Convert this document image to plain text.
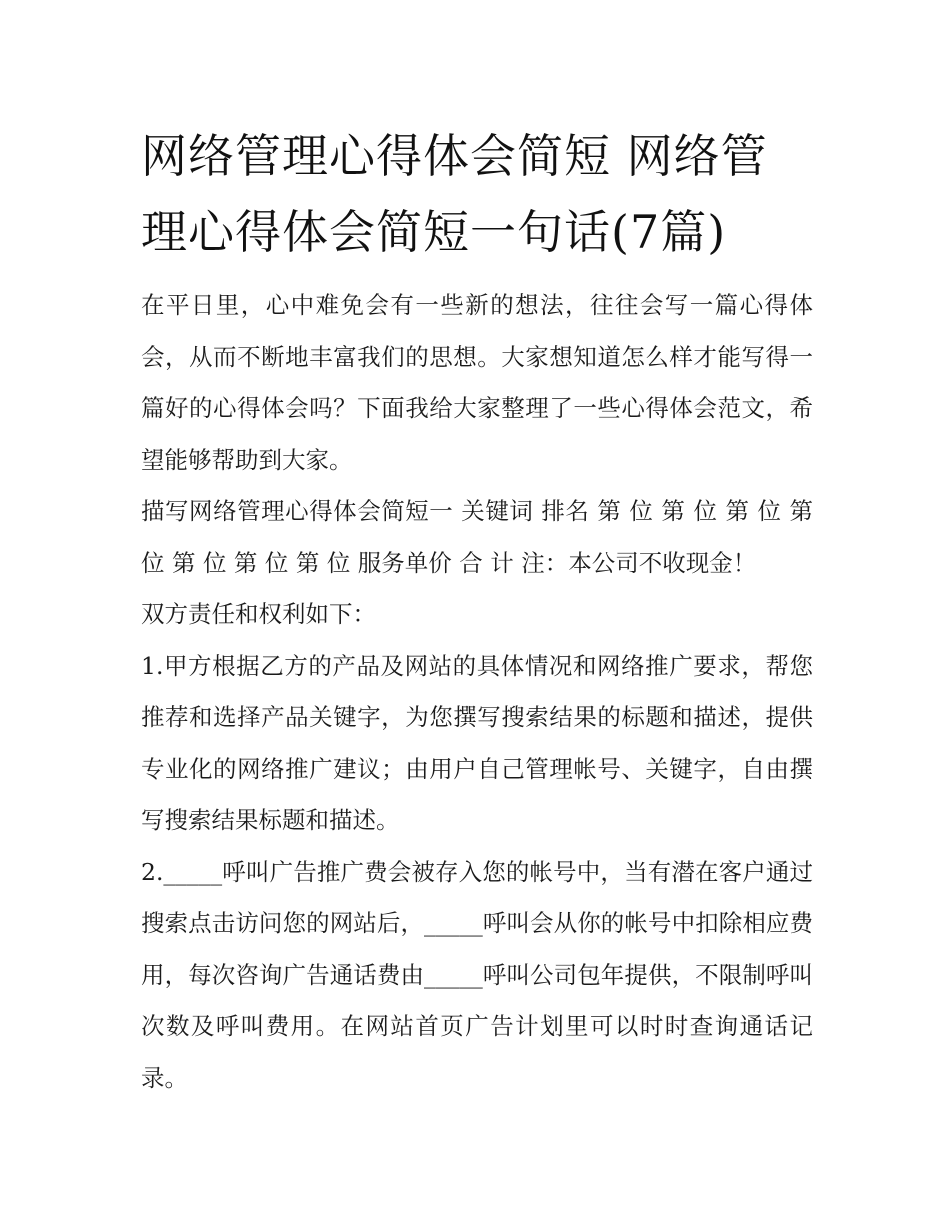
网络管理心得体会简短 网络管理心得体会简短一句话(7篇)

在平日里，心中难免会有一些新的想法，往往会写一篇心得体会，从而不断地丰富我们的思想。大家想知道怎么样才能写得一篇好的心得体会吗？下面我给大家整理了一些心得体会范文，希望能够帮助到大家。

描写网络管理心得体会简短一 关键词 排名 第 位 第 位 第 位 第 位 第 位 第 位 第 位 服务单价 合 计 注：本公司不收现金！

双方责任和权利如下：

1.甲方根据乙方的产品及网站的具体情况和网络推广要求，帮您推荐和选择产品关键字，为您撰写搜索结果的标题和描述，提供专业化的网络推广建议；由用户自己管理帐号、关键字，自由撰写搜索结果标题和描述。

2._____呼叫广告推广费会被存入您的帐号中，当有潜在客户通过搜索点击访问您的网站后，_____呼叫会从你的帐号中扣除相应费用，每次咨询广告通话费由_____呼叫公司包年提供，不限制呼叫次数及呼叫费用。在网站首页广告计划里可以时时查询通话记录。
